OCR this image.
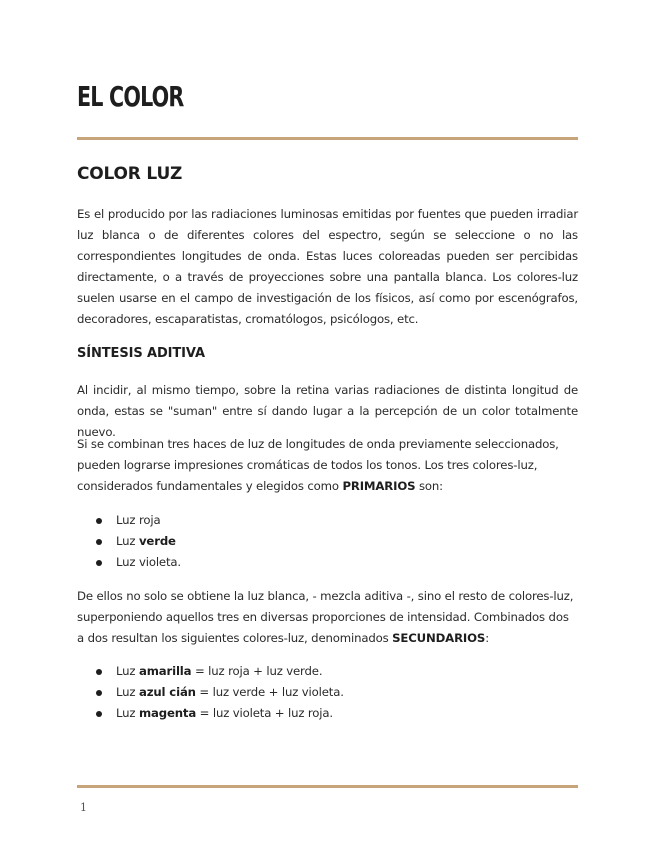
EL COLOR
COLOR LUZ

Es el producido por las radiaciones luminosas emitidas por fuentes que pueden irradiar luz blanca o de diferentes colores del espectro, según se seleccione o no las correspondientes longitudes de onda. Estas luces coloreadas pueden ser percibidas directamente, o a través de proyecciones sobre una pantalla blanca. Los colores-luz suelen usarse en el campo de investigación de los físicos, así como por escenógrafos, decoradores, escaparatistas, cromatólogos, psicólogos, etc.

SÍNTESIS ADITIVA

Al incidir, al mismo tiempo, sobre la retina varias radiaciones de distinta longitud de onda, estas se "suman" entre sí dando lugar a la percepción de un color totalmente nuevo.

Si se combinan tres haces de luz de longitudes de onda previamente seleccionados, pueden lograrse impresiones cromáticas de todos los tonos. Los tres colores-luz, considerados fundamentales y elegidos como PRIMARIOS son:

Luz roja
Luz verde
Luz violeta.

De ellos no solo se obtiene la luz blanca, - mezcla aditiva -, sino el resto de colores-luz, superponiendo aquellos tres en diversas proporciones de intensidad. Combinados dos a dos resultan los siguientes colores-luz, denominados SECUNDARIOS:

Luz amarilla = luz roja + luz verde.
Luz azul cián = luz verde + luz violeta.
Luz magenta = luz violeta + luz roja.
1
